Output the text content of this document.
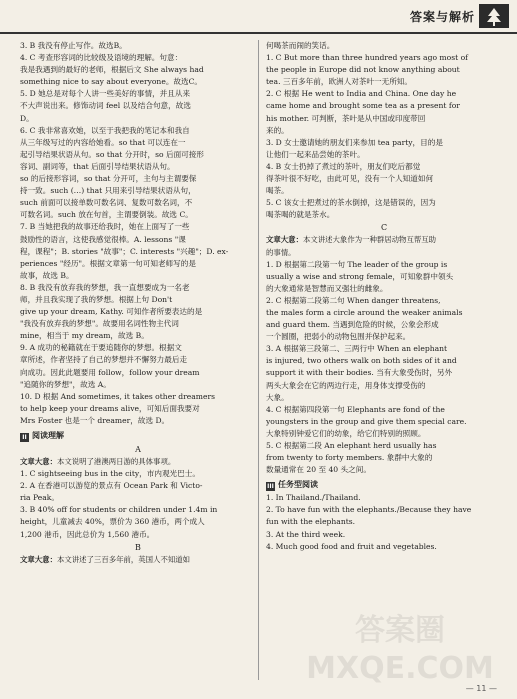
答案与解析
3. B 我没有停止写作。故选B。
4. C 考查形容词的比较级及语境的理解。句意：
我是我遇到的最好的老师，根据后文 She always had
something nice to say about everyone。故选C。
5. D 她总是对每个人讲一些美好的事情，并且从来
不大声说出来。修饰动词 feel 以及结合句意，故选
D。
6. C 我非常喜欢她，以至于我把我的笔记本和我自
从三年级写过的内容给她看。so that 可以连在一
起引导结果状语从句。so that 分开时，so 后面可接形
容词、副词等，that 后面引导结果状语从句。
so 的后接形容词，so that 分开可，主句与主谓要保
持一致。such (…) that 只用来引导结果状语从句，
such 前面可以接单数可数名词、复数可数名词，不
可数名词。such 放在句首，主谓要倒装。故选 C。
7. B 当她把我的故事还给我时，她在上面写了一些
鼓励性的语言，这使我感觉很棒。A. lessons "课
程，课程"；B. stories "故事"；C. interests "兴趣"；D. ex-
periences "经历"。根据文章第一句可知老师写的是
故事，故选 B。
8. B 我没有放弃我的梦想，我一直想要成为一名老
师，并且我实现了我的梦想。根据上句 Don't
give up your dream, Kathy. 可知作者所要表达的是
"我没有放弃我的梦想"。故要用名词性物主代词
mine，相当于 my dream，故选 B。
9. A 成功的秘籍就在于要追随你的梦想。根据文
章所述，作者坚持了自己的梦想并不懈努力最后走
向成功。因此此题要用 follow，follow your dream
"追随你的梦想"，故选 A。
10. D 根据 And sometimes, it takes other dreamers
to help keep your dreams alive，可知后面我要对
Mrs Foster 也是一个 dreamer，故选 D。
II 阅读理解
A
文章大意：本文说明了港澳两日游的具体事项。
1. C sightseeing bus in the city，市内观光巴士。
2. A 在香港可以游览的景点有 Ocean Park 和 Victo-
ria Peak。
3. B 40% off for students or children under 1.4m in
height，儿童减去 40%，票价为 360 港币，两个成人
1,200 港币，因此总价为 1,560 港币。
B
文章大意：本文讲述了三百多年前，英国人不知道如
何喝茶而闹的笑话。
1. C But more than three hundred years ago most of
the people in Europe did not know anything about
tea. 三百多年前，欧洲人对茶叶一无所知。
2. C 根据 He went to India and China. One day he
came home and brought some tea as a present for
his mother. 可判断，茶叶是从中国或印度带回
来的。
3. D 女士邀请她的朋友们来参加 tea party，目的是
让他们一起来品尝她的茶叶。
4. B 女士扔掉了煮过的茶叶，朋友们吃后都觉
得茶叶很不好吃，由此可见，没有一个人知道如何
喝茶。
5. C 该女士把煮过的茶水倒掉，这是错误的，因为
喝茶喝的就是茶水。
C
文章大意：本文讲述大象作为一种群居动物互帮互助
的事情。
1. D 根据第二段第一句 The leader of the group is
usually a wise and strong female，可知象群中领头
的大象通常是智慧而又强壮的雌象。
2. C 根据第二段第二句 When danger threatens,
the males form a circle around the weaker animals
and guard them. 当遇到危险的时候，公象会形成
一个圆圈，把弱小的动物包围并保护起来。
3. A 根据第三段第二、三两行中 When an elephant
is injured, two others walk on both sides of it and
support it with their bodies. 当有大象受伤时，另外
两头大象会在它的两边行走，用身体支撑受伤的
大象。
4. C 根据第四段第一句 Elephants are fond of the
youngsters in the group and give them special care.
大象特别钟爱它们的幼象，给它们特别的照顾。
5. C 根据第二段 An elephant herd usually has
from twenty to forty members. 象群中大象的
数量通常在 20 至 40 头之间。
III 任务型阅读
1. In Thailand./Thailand.
2. To have fun with the elephants./Because they have
fun with the elephants.
3. At the third week.
4. Much good food and fruit and vegetables.
答案圈
MXQE.COM
— 11 —
